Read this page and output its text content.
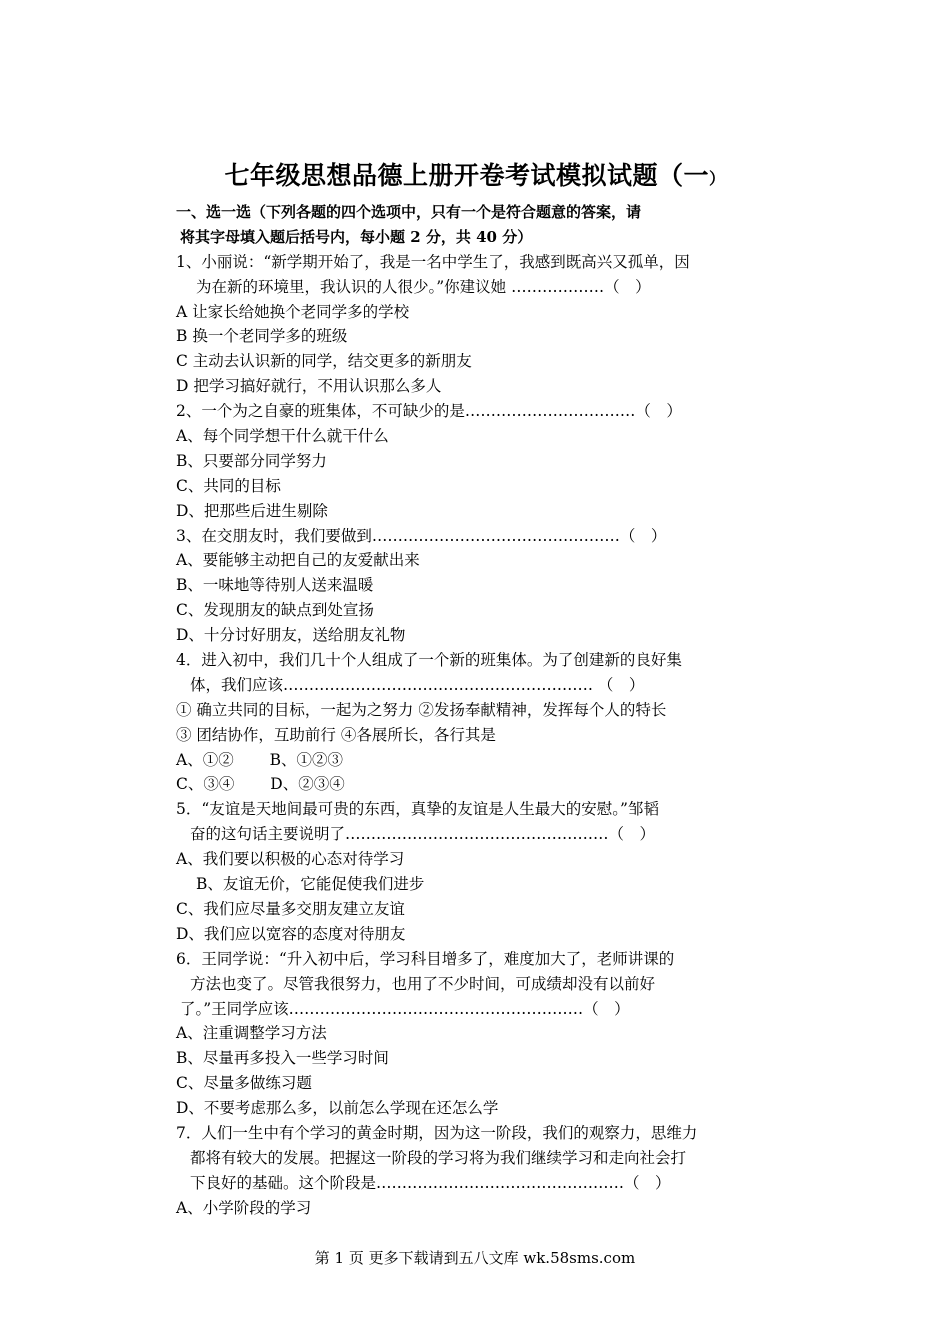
七年级思想品德上册开卷考试模拟试题（一）
一、选一选（下列各题的四个选项中，只有一个是符合题意的答案，请
将其字母填入题后括号内，每小题 2 分，共 40 分）
1、小丽说：“新学期开始了，我是一名中学生了，我感到既高兴又孤单，因
为在新的环境里，我认识的人很少。”你建议她 ………………（　）
A 让家长给她换个老同学多的学校
B 换一个老同学多的班级
C 主动去认识新的同学，结交更多的新朋友
D 把学习搞好就行，不用认识那么多人
2、一个为之自豪的班集体，不可缺少的是……………………………（　）
A、每个同学想干什么就干什么
B、只要部分同学努力
C、共同的目标
D、把那些后进生剔除
3、在交朋友时，我们要做到…………………………………………（　）
A、要能够主动把自己的友爱献出来
B、一味地等待别人送来温暖
C、发现朋友的缺点到处宣扬
D、十分讨好朋友，送给朋友礼物
4．进入初中，我们几十个人组成了一个新的班集体。为了创建新的良好集
体，我们应该…………………………………………………… （　）
① 确立共同的目标，一起为之努力 ②发扬奉献精神，发挥每个人的特长
③ 团结协作，互助前行 ④各展所长，各行其是
A、①②　　 B、①②③
C、③④　　 D、②③④
5．“友谊是天地间最可贵的东西，真挚的友谊是人生最大的安慰。”邹韬
奋的这句话主要说明了……………………………………………（　）
A、我们要以积极的心态对待学习
B、友谊无价，它能促使我们进步
C、我们应尽量多交朋友建立友谊
D、我们应以宽容的态度对待朋友
6．王同学说：“升入初中后，学习科目增多了，难度加大了，老师讲课的
方法也变了。尽管我很努力，也用了不少时间，可成绩却没有以前好
了。”王同学应该…………………………………………………（　）
A、注重调整学习方法
B、尽量再多投入一些学习时间
C、尽量多做练习题
D、不要考虑那么多，以前怎么学现在还怎么学
7．人们一生中有个学习的黄金时期，因为这一阶段，我们的观察力，思维力
都将有较大的发展。把握这一阶段的学习将为我们继续学习和走向社会打
下良好的基础。这个阶段是…………………………………………（　）
A、小学阶段的学习
第 1 页 更多下载请到五八文库 wk.58sms.com
